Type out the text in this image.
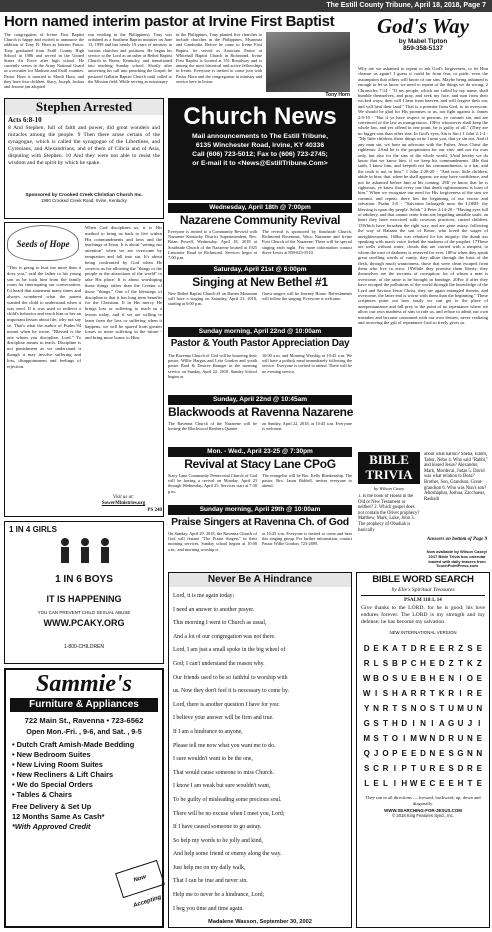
The Estill County Tribune, April 18, 2018, Page 7
Horn named interim pastor at Irvine First Baptist
The congregation of Irvine First Baptist Church is happy and excited to announce the addition of Tony B. Horn as Interim Pastor. Tony graduated from Estill County High School in 1986 and served in the United States Air Force after high school. He currently serves in the Army National Guard as a recruiter for Madison and Estill counties. Pastor Horn is married to Mardi Horn, and they have four children, Stacy, Joseph, Joshua and Jerome (an adopted
son residing in the Philippines). Tony was ordained as a Southern Baptist minister on June 13, 1999 and has nearly 19 years of ministry in various churches and positions. He began his service to the Lord as an usher at Bethel Baptist Church in Berea, Kentucky, and transitioned into teaching Sunday school. Shortly after answering his call into preaching the Gospel, he pastored Gallatin Baptist Church until called to the Mission field. While serving as missionary
in the Philippines, Tony planted five churches to include churches in the Philippines, Myanmar and Cambodia. Before he came to Irvine First Baptist, he served as Associate Pastor at Whitehall Baptist Church in Richmond. Irvine First Baptist is located at 351 Broadway and is among the most historical and active fellowships in Irvine. Everyone is invited to come join with Pastor Horn and the congregation in ministry and service here in Irvine.
Tony Horn
Stephen Arrested
Acts 6:8-10
8 And Stephen, full of faith and power, did great wonders and miracles among the people. 9 Then there arose certain of the synagogue, which is called the synagogue of the Libertines, and Cyrenians, and Alexandrians, and of them of Cilicia and of Asia, disputing with Stephen. 10 And they were not able to resist the wisdom and the spirit by which he spake.
Sponsored by Crooked Creek Christian Church Inc.
1980 Crooked Creek Road, Irvine, Kentucky
Seeds of Hope
"This is going to hurt me more than it does you," said the father to his young son as he took him from the family room for interrupting our conversation. I'd heard that statement many times and always wondered what the parent wanted the child to understand when it was used. If it was used to redirect a child's behavior and teach him or her an important lesson about life, why not say so. That's what the author of Psalm 94 meant when he wrote, "Blessed is the one whom you discipline, Lord." To discipline means to teach. Discipline is not punishment as we understand it though it may involve suffering and loss, disappointment and feelings of rejection.
When God disciplines us, it is His method to bring us back to live within His commandments and laws and the teachings of Jesus. It is about "setting our attention" when we are overcome by temptation and fall into sin. It's about being confronted by God when He corrects us for allowing the "things or the people or the attractions of the world" to take His place. It is about worshiping those things rather than the Creator of those "things." One of the blessings of discipline is that it has long term benefits for the Christian. If in His mercy He brings loss or suffering to teach us a lesson today, and if we are willing to learn from the loss or suffering when it happens, we will be spared from greater losses or more suffering in the future - and bring more honor to Him.
Visit us at:
SowerMinistries.org
PS 240
1 IN 4 GIRLS
1 IN 6 BOYS
IT IS HAPPENING
YOU CAN PREVENT CHILD SEXUAL ABUSE
WWW.PCAKY.ORG
1-800-CHILDREN
Sammie's
Furniture & Appliances
722 Main St., Ravenna • 723-6562
Open Mon.-Fri. , 9-6, and Sat. , 9-5
• Dutch Craft Amish-Made Bedding
• New Bedroom Suites
• New Living Room Suites
• New Recliners & Lift Chairs
• We do Special Orders
• Tables & Chairs
Free Delivery & Set Up
12 Months Same As Cash*
*With Approved Credit
Now Accepting
Church News
Mail announcements to The Estill Tribune,
6135 Winchester Road, Irvine, KY 40336
Call (606) 723-5012; Fax to (606) 723-2745;
or E-mail it to <News@EstillTribune.Com>
Wednesday, April 18th @ 7:00pm
Nazarene Community Revival
Everyone is invited to a Community Revival with Nazarene Kentucky District Superintendent, Rev. Brian Powell, Wednesday, April 18, 2018 at Southside Church of the Nazarene located at 1925 Lancaster Road in Richmond. Services begin at 7:00 p.m.
The revival is sponsored by Southside Church, Richmond Rosemont, Waco Nazarene and Irvine First Church of the Nazarene. There will be special singing each night. For more information contact Steve Lewis at 859-623-5510.
Saturday, April 21st @ 6:00pm
Singing at New Bethel #1
New Bethel Baptist Church #1 on Barnes Mountain will have a singing on Saturday, April 21, 2018, starting at 6:00 p.m.
Guest singers will be Journey Home. Refreshments will follow the singing. Everyone is welcome.
Sunday morning, April 22nd @ 10:00am
Pastor & Youth Pastor Appreciation Day
The Ravenna Church of God will be honoring their pastor, Willie Hargus and Leia Gordon and youth pastor Brad & Desiree Branger in the morning service on Sunday, April 22, 2018. Sunday School begins at
10:00 a.m. and Morning Worship at 10:45 a.m. We will have a potluck meal immediately following the service. Everyone is invited to attend. There will be no evening service.
Sunday, April 22nd @ 10:45am
Blackwoods at Ravenna Nazarene
The Ravenna Church of the Nazarene will be hosting the Blackwood Brothers Quartet
on Sunday, April 22, 2018, at 10:45 a.m. Everyone is welcome.
Mon. - Wed., April 23-25 @ 7:30pm
Revival at Stacy Lane CPoG
Stacy Lane Community Pentecostal Church of God will be having a revival on Monday, April 23 through Wednesday, April 25. Services start at 7:30 p.m.
The evangelist will be Bro. Kelly Blankenship. The pastor, Bro. Jason Riddell, invites everyone to attend.
Sunday morning, April 29th @ 10:00am
Praise Singers at Ravenna Ch. of God
On Sunday, April 29, 2018, the Ravenna Church of God will feature "The Praise Singers" in their morning services. Sunday school begins at 10:00 a.m., and morning worship is
at 10:45 a.m. Everyone is invited to come and hear this singing group. For further information, contact Pastor Willie Gordon, 723-2809.
Never Be A Hindrance
Lord, it is me again today;
I need an answer to another prayer.
This morning I went to Church as usual,
And a lot of our congregation was not there.
Lord, I am just a small spoke in the big wheel of
God; I can't understand the reason why.
Our friends used to be so faithful to worship with
us. Now they don't feel it is necessary to come by.
Lord, there is another question I have for you:
I believe your answer will be firm and true.
If I am a hindrance to anyone,
Please tell me now what you want me to do.
I sure wouldn't want to be the one,
That would cause someone to miss Church.
I know I am weak but sure wouldn't want,
To be guilty of misleading some precious soul.
There will be no excuse when I meet you, Lord;
If I have caused someone to go astray.
So help my words to be jolly and kind,
And help some friend or enemy along the way.
Just help me on my daily walk,
That I can be true and never sin.
Help me to never be a hindrance, Lord;
I beg you time and time again.
Madalene Wasson, September 30, 2002
God's Way
by Mabel Tipton
859-358-5137
Why are we ashamed to repent to ask God's forgiveness, to let Him cleanse us again? I guess it could be from fear, or pride, even the assumption that others will know of our sins. Maybe being ashamed is enough to let us know we need to repent of the things we do wrong. 2 Chronicles 7:14 - "If my people, which are called by my name, shall humble themselves, and pray, and seek my face, and turn from their wicked ways; then will I hear from heaven, and will forgive their sin, and will heal their land." That is a promise from God, to us everyone. We should be glad for His promises to us, not fight against it. James 2:9-10 - "But if ye have respect to persons, ye commit sin, and are convinced of the law as transgressors. 10For whosoever shall keep the whole law, and yet offend in one point, he is guilty of all." (They are no bigger sins than other sins. In God's eyes, Sin is Sin.) 1 John 2:1-4 - "My little children, these things write I unto you, that ye sin not. And if any man sin, we have an advocate with the Father, Jesus Christ the righteous: 2And he is the propitiation for our sins: and not for ours only, but also for the sins of the whole world. 3And hereby we do know that we know him, if we keep his commandments. 4He that saith, I know him, and keepeth not his commandments, is a liar, and the truth is not in him." 1 John 2:28-29 - "And now, little children, abide in him; that, when he shall appear, we may have confidence, and not be ashamed before him at his coming. 29If ye know that he is righteous, ye know that every one that doeth righteousness is born of him." When we recognize our need for His forgiveness of the sins we commit, and repent, there lies the beginning of our rescue and salvation. Psalm 3:8 - "Salvation belongeth unto the LORD: thy blessing is upon thy people. Selah." 2 Peter 2:14-20 - "Having eyes full of adultery, and that cannot cease from sin; beguiling unstable souls: an heart they have exercised with covetous practices; cursed children: 15Which have forsaken the right way, and are gone astray, following the way of Balaam the son of Bosor, who loved the wages of unrighteousness; 16But was rebuked for his iniquity: the dumb ass speaking with man's voice forbad the madness of the prophet. 17These are wells without water, clouds that are carried with a tempest; to whom the mist of darkness is reserved for ever. 18For when they speak great swelling words of vanity, they allure through the lusts of the flesh, through much wantonness, those that were clean escaped from them who live in error. 19While they promise them liberty, they themselves are the servants of corruption: for of whom a man is overcome, of the same is he brought in bondage. 20For if after they have escaped the pollutions of the world through the knowledge of the Lord and Saviour Jesus Christ, they are again entangled therein, and overcome, the latter end is worse with them than the beginning." These scriptures point out how easily we can get to the place of unrepentantance and fall prey to the point of no repentance where we allow our own madness of sins to rule us, and refuse to admit our own mistakes and become consumed with our own desires, never realizing and receiving the gift of repentance God so freely gives us.
BIBLE
TRIVIA
by Wilson Casey
1. Is the book of Hosea in the Old or New Testament or neither? 2. Which gospel does not contain the Olivet prophecy? Matthew, Mark, Luke, John 3. The prophecy of Obadiah is basically
about what nation? Sheba, Edom, Tabor, Nebo 4. Who said "Rabbi," and kissed Jesus? Alexander, Mark, Mordecai, Judas 5. David was what relation to Boaz? Brother, Son, Grandson, Great-grandson 6. Who was Nun's son? Jehoshaphat, Joshua, Zacchaeus, Rashadi
Answers on bottom of Page 9
Now available by Wilson Casey! 2017 Bible Trivia box calendar loaded with daily teasers from TouchPointPress.com
BIBLE WORD SEARCH
by Elie's Spiritual Treasures
PSALM 118:1, 14
Give thanks to the LORD, for he is good; his love endures forever. The LORD is my strength and my defense; he has become my salvation.
NEW INTERNATIONAL VERSION
D E K A T D R E E R Z S E
R L S B P C H E D Z T K Z
W B O S U E B H E N I O E
W I S H A R R T K R I R E
Y N R T S N O S T U M U N
G S T H D I N I A G U J I
M S T O I M W N D R U N E
Q J O P E E D N E S G N N
S C R I P T U R E S D R E
L E L I H W E C E E H T E
They run in all directions — forward, backward, up, down and diagonally.
WWW.SEARCHING-FOR-JESUS.COM
© 2018 King Features Synd., Inc.
